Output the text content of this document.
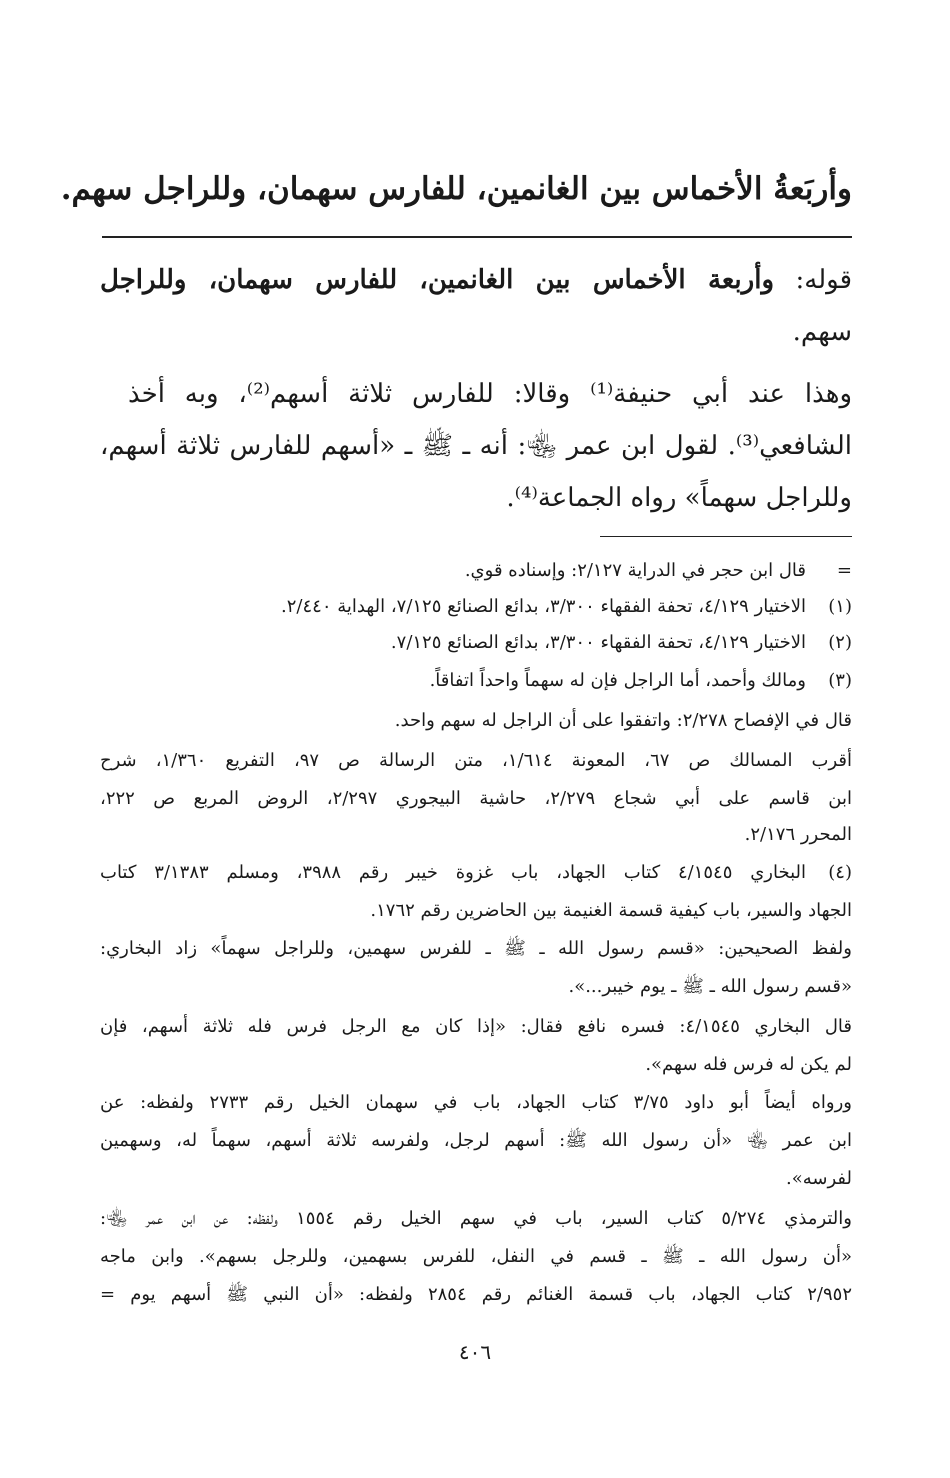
وأربَعةُ الأخماس بين الغانمين، للفارس سهمان، وللراجل سهم.
قوله: وأربعة الأخماس بين الغانمين، للفارس سهمان، وللراجل
سهم.
وهذا عند أبي حنيفة⁽¹⁾ وقالا: للفارس ثلاثة أسهم⁽²⁾، وبه أخذ
الشافعي⁽³⁾. لقول ابن عمر ﵄: أنه ـ ﷺ ـ «أسهم للفارس ثلاثة أسهم،
وللراجل سهماً» رواه الجماعة⁽⁴⁾.
=
قال ابن حجر في الدراية ٢/١٢٧: وإسناده قوي.
(١)
الاختيار ٤/١٢٩، تحفة الفقهاء ٣/٣٠٠، بدائع الصنائع ٧/١٢٥، الهداية ٢/٤٤٠.
(٢)
الاختيار ٤/١٢٩، تحفة الفقهاء ٣/٣٠٠، بدائع الصنائع ٧/١٢٥.
(٣)
ومالك وأحمد، أما الراجل فإن له سهماً واحداً اتفاقاً.
قال في الإفصاح ٢/٢٧٨: واتفقوا على أن الراجل له سهم واحد.
أقرب المسالك ص ٦٧، المعونة ١/٦١٤، متن الرسالة ص ٩٧، التفريع ١/٣٦٠، شرح
ابن قاسم على أبي شجاع ٢/٢٧٩، حاشية البيجوري ٢/٢٩٧، الروض المربع ص ٢٢٢،
المحرر ٢/١٧٦.
(٤)
البخاري ٤/١٥٤٥ كتاب الجهاد، باب غزوة خيبر رقم ٣٩٨٨، ومسلم ٣/١٣٨٣ كتاب
الجهاد والسير، باب كيفية قسمة الغنيمة بين الحاضرين رقم ١٧٦٢.
ولفظ الصحيحين: «قسم رسول الله ـ ﷺ ـ للفرس سهمين، وللراجل سهماً» زاد البخاري:
«قسم رسول الله ـ ﷺ ـ يوم خيبر...».
قال البخاري ٤/١٥٤٥: فسره نافع فقال: «إذا كان مع الرجل فرس فله ثلاثة أسهم، فإن
لم يكن له فرس فله سهم».
ورواه أيضاً أبو داود ٣/٧٥ كتاب الجهاد، باب في سهمان الخيل رقم ٢٧٣٣ ولفظه: عن
ابن عمر ﵄ «أن رسول الله ﷺ: أسهم لرجل، ولفرسه ثلاثة أسهم، سهماً له، وسهمين
لفرسه».
والترمذي ٥/٢٧٤ كتاب السير، باب في سهم الخيل رقم ١٥٥٤ ولفظه: عن ابن عمر ﵄:
«أن رسول الله ـ ﷺ ـ قسم في النفل، للفرس بسهمين، وللرجل بسهم». وابن ماجه
٢/٩٥٢ كتاب الجهاد، باب قسمة الغنائم رقم ٢٨٥٤ ولفظه: «أن النبي ﷺ أسهم يوم =
٤٠٦
